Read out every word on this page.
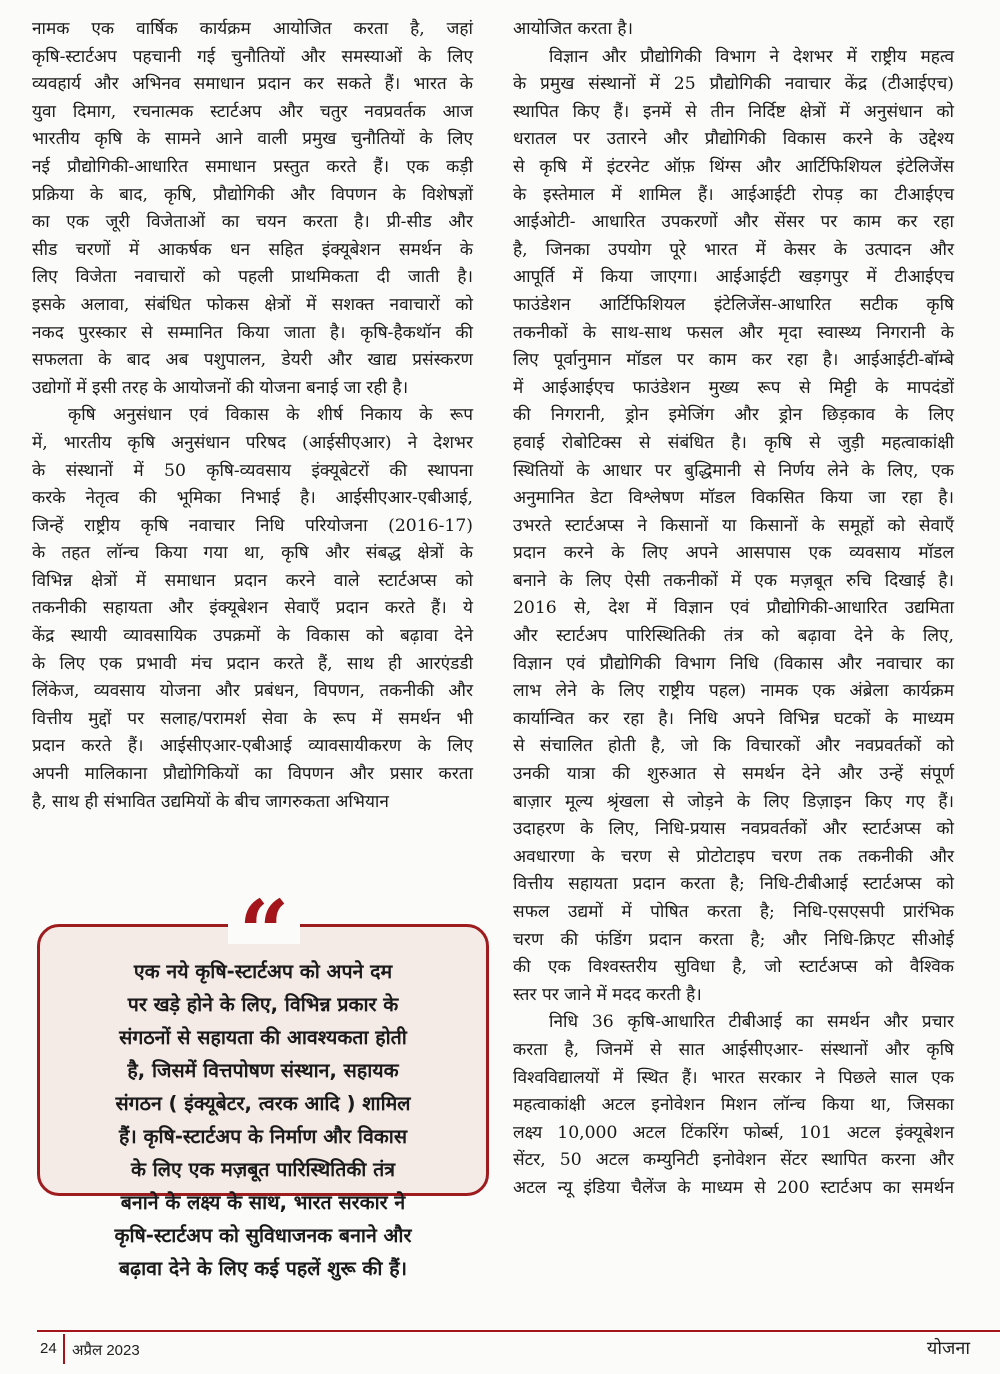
नामक एक वार्षिक कार्यक्रम आयोजित करता है, जहां
कृषि-स्टार्टअप पहचानी गई चुनौतियों और समस्याओं के लिए
व्यवहार्य और अभिनव समाधान प्रदान कर सकते हैं। भारत के
युवा दिमाग, रचनात्मक स्टार्टअप और चतुर नवप्रवर्तक आज
भारतीय कृषि के सामने आने वाली प्रमुख चुनौतियों के लिए
नई प्रौद्योगिकी-आधारित समाधान प्रस्तुत करते हैं। एक कड़ी
प्रक्रिया के बाद, कृषि, प्रौद्योगिकी और विपणन के विशेषज्ञों
का एक जूरी विजेताओं का चयन करता है। प्री-सीड और
सीड चरणों में आकर्षक धन सहित इंक्यूबेशन समर्थन के
लिए विजेता नवाचारों को पहली प्राथमिकता दी जाती है।
इसके अलावा, संबंधित फोकस क्षेत्रों में सशक्त नवाचारों को
नकद पुरस्कार से सम्मानित किया जाता है। कृषि-हैकथॉन की
सफलता के बाद अब पशुपालन, डेयरी और खाद्य प्रसंस्करण
उद्योगों में इसी तरह के आयोजनों की योजना बनाई जा रही है।
कृषि अनुसंधान एवं विकास के शीर्ष निकाय के रूप
में, भारतीय कृषि अनुसंधान परिषद (आईसीएआर) ने देशभर
के संस्थानों में 50 कृषि-व्यवसाय इंक्यूबेटरों की स्थापना
करके नेतृत्व की भूमिका निभाई है। आईसीएआर-एबीआई,
जिन्हें राष्ट्रीय कृषि नवाचार निधि परियोजना (2016-17)
के तहत लॉन्च किया गया था, कृषि और संबद्ध क्षेत्रों के
विभिन्न क्षेत्रों में समाधान प्रदान करने वाले स्टार्टअप्स को
तकनीकी सहायता और इंक्यूबेशन सेवाएँ प्रदान करते हैं। ये
केंद्र स्थायी व्यावसायिक उपक्रमों के विकास को बढ़ावा देने
के लिए एक प्रभावी मंच प्रदान करते हैं, साथ ही आरएंडडी
लिंकेज, व्यवसाय योजना और प्रबंधन, विपणन, तकनीकी और
वित्तीय मुद्दों पर सलाह/परामर्श सेवा के रूप में समर्थन भी
प्रदान करते हैं। आईसीएआर-एबीआई व्यावसायीकरण के लिए
अपनी मालिकाना प्रौद्योगिकियों का विपणन और प्रसार करता
है, साथ ही संभावित उद्यमियों के बीच जागरुकता अभियान
आयोजित करता है।
विज्ञान और प्रौद्योगिकी विभाग ने देशभर में राष्ट्रीय महत्व
के प्रमुख संस्थानों में 25 प्रौद्योगिकी नवाचार केंद्र (टीआईएच)
स्थापित किए हैं। इनमें से तीन निर्दिष्ट क्षेत्रों में अनुसंधान को
धरातल पर उतारने और प्रौद्योगिकी विकास करने के उद्देश्य
से कृषि में इंटरनेट ऑफ़ थिंग्स और आर्टिफिशियल इंटेलिजेंस
के इस्तेमाल में शामिल हैं। आईआईटी रोपड़ का टीआईएच
आईओटी- आधारित उपकरणों और सेंसर पर काम कर रहा
है, जिनका उपयोग पूरे भारत में केसर के उत्पादन और
आपूर्ति में किया जाएगा। आईआईटी खड़गपुर में टीआईएच
फाउंडेशन आर्टिफिशियल इंटेलिजेंस-आधारित सटीक कृषि
तकनीकों के साथ-साथ फसल और मृदा स्वास्थ्य निगरानी के
लिए पूर्वानुमान मॉडल पर काम कर रहा है। आईआईटी-बॉम्बे
में आईआईएच फाउंडेशन मुख्य रूप से मिट्टी के मापदंडों
की निगरानी, ड्रोन इमेजिंग और ड्रोन छिड़काव के लिए
हवाई रोबोटिक्स से संबंधित है। कृषि से जुड़ी महत्वाकांक्षी
स्थितियों के आधार पर बुद्धिमानी से निर्णय लेने के लिए, एक
अनुमानित डेटा विश्लेषण मॉडल विकसित किया जा रहा है।
उभरते स्टार्टअप्स ने किसानों या किसानों के समूहों को सेवाएँ
प्रदान करने के लिए अपने आसपास एक व्यवसाय मॉडल
बनाने के लिए ऐसी तकनीकों में एक मज़बूत रुचि दिखाई है।
2016 से, देश में विज्ञान एवं प्रौद्योगिकी-आधारित उद्यमिता
और स्टार्टअप पारिस्थितिकी तंत्र को बढ़ावा देने के लिए,
विज्ञान एवं प्रौद्योगिकी विभाग निधि (विकास और नवाचार का
लाभ लेने के लिए राष्ट्रीय पहल) नामक एक अंब्रेला कार्यक्रम
कार्यान्वित कर रहा है। निधि अपने विभिन्न घटकों के माध्यम
से संचालित होती है, जो कि विचारकों और नवप्रवर्तकों को
उनकी यात्रा की शुरुआत से समर्थन देने और उन्हें संपूर्ण
बाज़ार मूल्य श्रृंखला से जोड़ने के लिए डिज़ाइन किए गए हैं।
उदाहरण के लिए, निधि-प्रयास नवप्रवर्तकों और स्टार्टअप्स को
अवधारणा के चरण से प्रोटोटाइप चरण तक तकनीकी और
वित्तीय सहायता प्रदान करता है; निधि-टीबीआई स्टार्टअप्स को
सफल उद्यमों में पोषित करता है; निधि-एसएसपी प्रारंभिक
चरण की फंडिंग प्रदान करता है; और निधि-क्रिएट सीओई
की एक विश्वस्तरीय सुविधा है, जो स्टार्टअप्स को वैश्विक
स्तर पर जाने में मदद करती है।
निधि 36 कृषि-आधारित टीबीआई का समर्थन और प्रचार
करता है, जिनमें से सात आईसीएआर- संस्थानों और कृषि
विश्वविद्यालयों में स्थित हैं। भारत सरकार ने पिछले साल एक
महत्वाकांक्षी अटल इनोवेशन मिशन लॉन्च किया था, जिसका
लक्ष्य 10,000 अटल टिंकरिंग फोर्ब्स, 101 अटल इंक्यूबेशन
सेंटर, 50 अटल कम्युनिटी इनोवेशन सेंटर स्थापित करना और
अटल न्यू इंडिया चैलेंज के माध्यम से 200 स्टार्टअप का समर्थन
“
एक नये कृषि-स्टार्टअप को अपने दम
पर खड़े होने के लिए, विभिन्न प्रकार के
संगठनों से सहायता की आवश्यकता होती
है, जिसमें वित्तपोषण संस्थान, सहायक
संगठन ( इंक्यूबेटर, त्वरक आदि ) शामिल
हैं। कृषि-स्टार्टअप के निर्माण और विकास
के लिए एक मज़बूत पारिस्थितिकी तंत्र
बनाने के लक्ष्य के साथ, भारत सरकार ने
कृषि-स्टार्टअप को सुविधाजनक बनाने और
बढ़ावा देने के लिए कई पहलें शुरू की हैं।
24 अप्रैल 2023	योजना
